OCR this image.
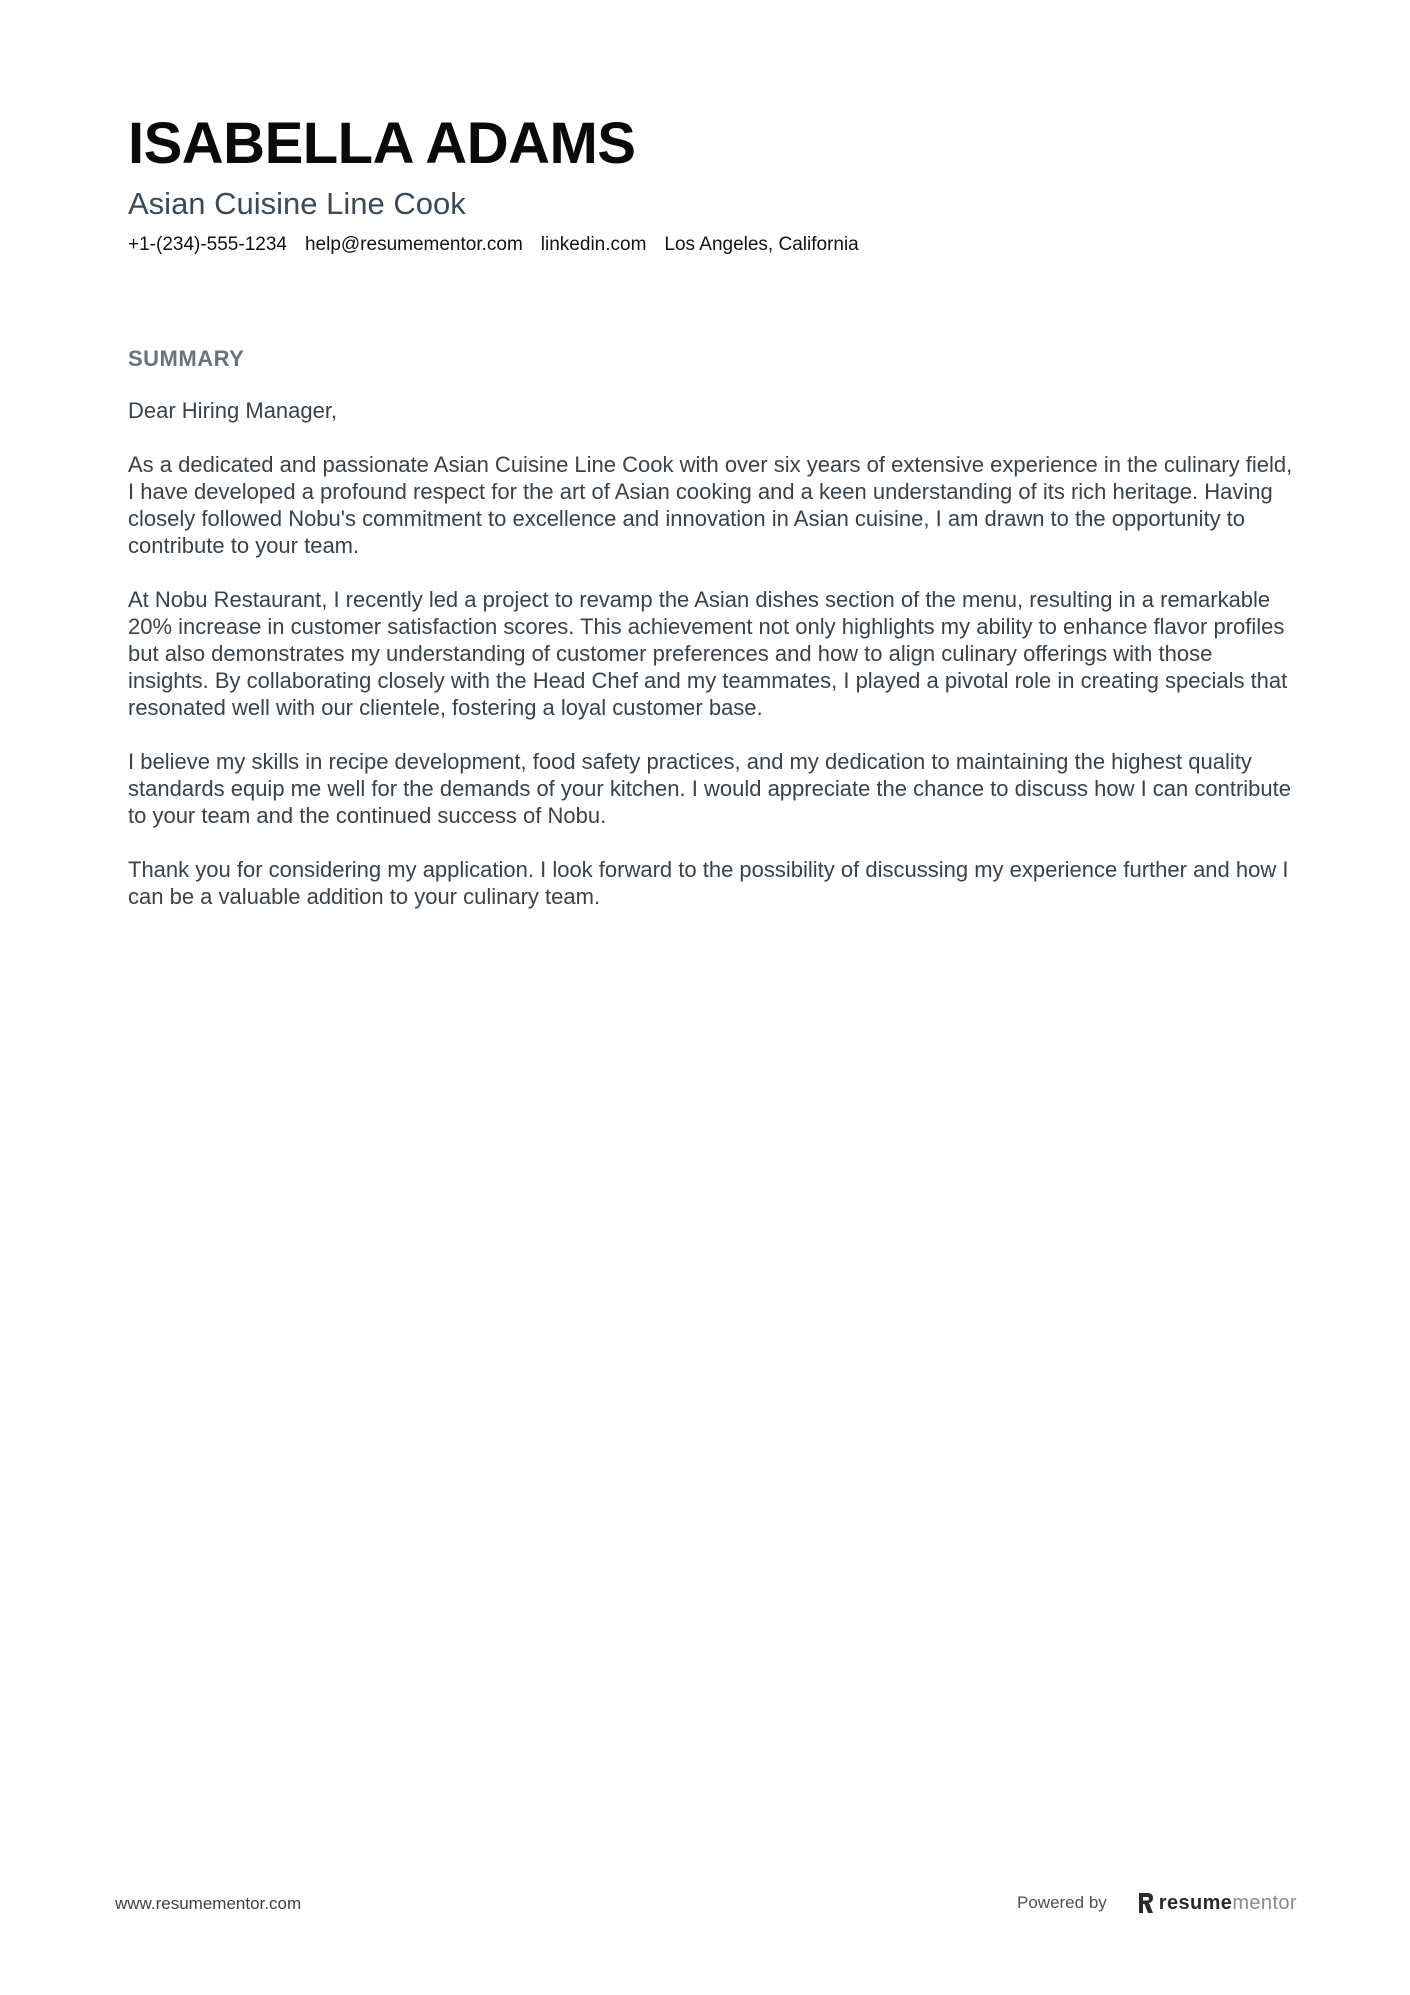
ISABELLA ADAMS
Asian Cuisine Line Cook
+1-(234)-555-1234 help@resumementor.com linkedin.com Los Angeles, California
SUMMARY
Dear Hiring Manager,

As a dedicated and passionate Asian Cuisine Line Cook with over six years of extensive experience in the culinary field, I have developed a profound respect for the art of Asian cooking and a keen understanding of its rich heritage. Having closely followed Nobu's commitment to excellence and innovation in Asian cuisine, I am drawn to the opportunity to contribute to your team.

At Nobu Restaurant, I recently led a project to revamp the Asian dishes section of the menu, resulting in a remarkable 20% increase in customer satisfaction scores. This achievement not only highlights my ability to enhance flavor profiles but also demonstrates my understanding of customer preferences and how to align culinary offerings with those insights. By collaborating closely with the Head Chef and my teammates, I played a pivotal role in creating specials that resonated well with our clientele, fostering a loyal customer base.

I believe my skills in recipe development, food safety practices, and my dedication to maintaining the highest quality standards equip me well for the demands of your kitchen. I would appreciate the chance to discuss how I can contribute to your team and the continued success of Nobu.

Thank you for considering my application. I look forward to the possibility of discussing my experience further and how I can be a valuable addition to your culinary team.

www.resumementor.com	Powered by	resumementor
